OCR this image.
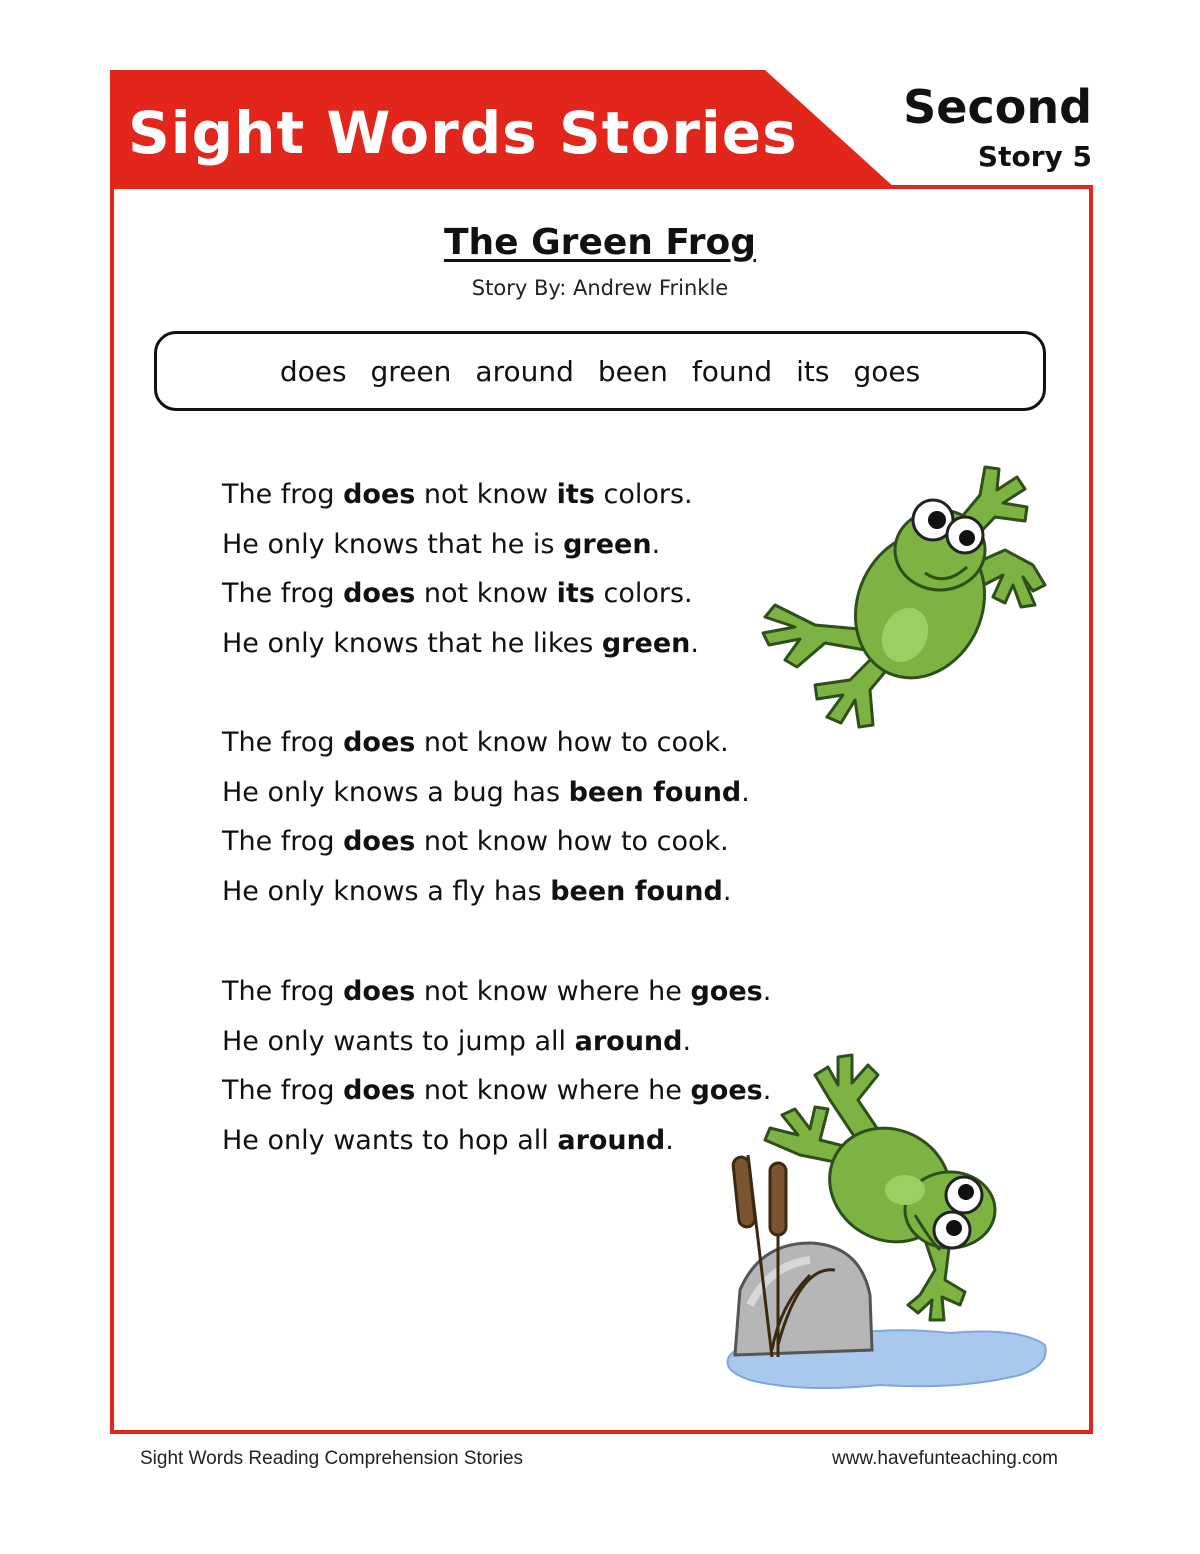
Sight Words Stories Second
Story 5
The Green Frog
Story By: Andrew Frinkle
does green around been found its goes
The frog does not know its colors.
He only knows that he is green.
The frog does not know its colors.
He only knows that he likes green.
The frog does not know how to cook.
He only knows a bug has been found.
The frog does not know how to cook.
He only knows a fly has been found.
The frog does not know where he goes.
He only wants to jump all around.
The frog does not know where he goes.
He only wants to hop all around.
Sight Words Reading Comprehension Stories	www.havefunteaching.com
